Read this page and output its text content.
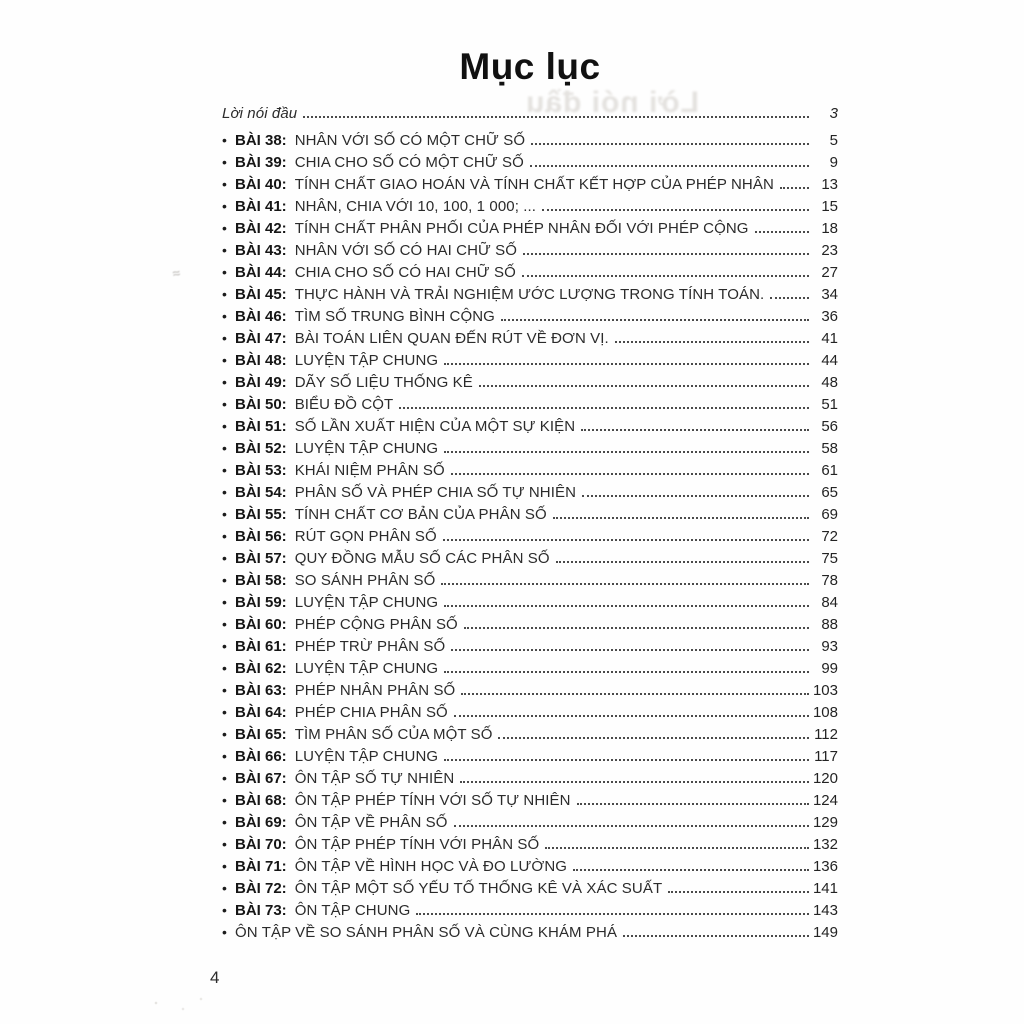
Mục lục
Lời nói đầu
≈
Lời nói đầu	3
• BÀI 38: NHÂN VỚI SỐ CÓ MỘT CHỮ SỐ	5
• BÀI 39: CHIA CHO SỐ CÓ MỘT CHỮ SỐ	9
• BÀI 40: TÍNH CHẤT GIAO HOÁN VÀ TÍNH CHẤT KẾT HỢP CỦA PHÉP NHÂN	13
• BÀI 41: NHÂN, CHIA VỚI 10, 100, 1 000; ...	15
• BÀI 42: TÍNH CHẤT PHÂN PHỐI CỦA PHÉP NHÂN ĐỐI VỚI PHÉP CỘNG	18
• BÀI 43: NHÂN VỚI SỐ CÓ HAI CHỮ SỐ	23
• BÀI 44: CHIA CHO SỐ CÓ HAI CHỮ SỐ	27
• BÀI 45: THỰC HÀNH VÀ TRẢI NGHIỆM ƯỚC LƯỢNG TRONG TÍNH TOÁN.	34
• BÀI 46: TÌM SỐ TRUNG BÌNH CỘNG	36
• BÀI 47: BÀI TOÁN LIÊN QUAN ĐẾN RÚT VỀ ĐƠN VỊ.	41
• BÀI 48: LUYỆN TẬP CHUNG	44
• BÀI 49: DÃY SỐ LIỆU THỐNG KÊ	48
• BÀI 50: BIỂU ĐỒ CỘT	51
• BÀI 51: SỐ LẦN XUẤT HIỆN CỦA MỘT SỰ KIỆN	56
• BÀI 52: LUYỆN TẬP CHUNG	58
• BÀI 53: KHÁI NIỆM PHÂN SỐ	61
• BÀI 54: PHÂN SỐ VÀ PHÉP CHIA SỐ TỰ NHIÊN	65
• BÀI 55: TÍNH CHẤT CƠ BẢN CỦA PHÂN SỐ	69
• BÀI 56: RÚT GỌN PHÂN SỐ	72
• BÀI 57: QUY ĐỒNG MẪU SỐ CÁC PHÂN SỐ	75
• BÀI 58: SO SÁNH PHÂN SỐ	78
• BÀI 59: LUYỆN TẬP CHUNG	84
• BÀI 60: PHÉP CỘNG PHÂN SỐ	88
• BÀI 61: PHÉP TRỪ PHÂN SỐ	93
• BÀI 62: LUYỆN TẬP CHUNG	99
• BÀI 63: PHÉP NHÂN PHÂN SỐ	103
• BÀI 64: PHÉP CHIA PHÂN SỐ	108
• BÀI 65: TÌM PHÂN SỐ CỦA MỘT SỐ	112
• BÀI 66: LUYỆN TẬP CHUNG	117
• BÀI 67: ÔN TẬP SỐ TỰ NHIÊN	120
• BÀI 68: ÔN TẬP PHÉP TÍNH VỚI SỐ TỰ NHIÊN	124
• BÀI 69: ÔN TẬP VỀ PHÂN SỐ	129
• BÀI 70: ÔN TẬP PHÉP TÍNH VỚI PHÂN SỐ	132
• BÀI 71: ÔN TẬP VỀ HÌNH HỌC VÀ ĐO LƯỜNG	136
• BÀI 72: ÔN TẬP MỘT SỐ YẾU TỐ THỐNG KÊ VÀ XÁC SUẤT	141
• BÀI 73: ÔN TẬP CHUNG	143
• ÔN TẬP VỀ SO SÁNH PHÂN SỐ VÀ CÙNG KHÁM PHÁ	149
4
